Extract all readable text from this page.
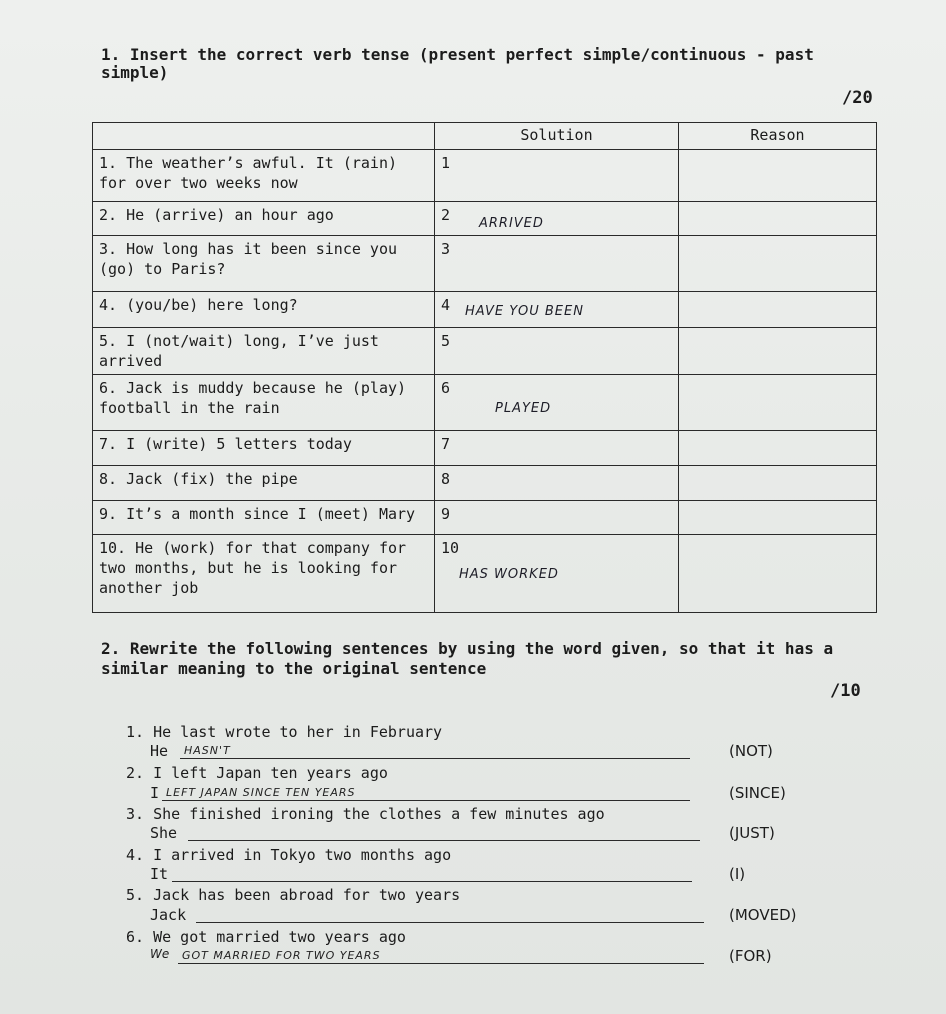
1. Insert the correct verb tense (present perfect simple/continuous - past
simple)
/20
	Solution	Reason
1. The weather’s awful. It (rain) for over two weeks now	1

2. He (arrive) an hour ago	2 ARRIVED	

3. How long has it been since you (go) to Paris?	3

4. (you/be) here long?	4 HAVE YOU BEEN	

5. I (not/wait) long, I’ve just arrived	5

6. Jack is muddy because he (play) football in the rain	6
PLAYED	

7. I (write) 5 letters today	7

8. Jack (fix) the pipe	8

9. It’s a month since I (meet) Mary	9

10. He (work) for that company for two months, but he is looking for another job	10
HAS WORKED	

2. Rewrite the following sentences by using the word given, so that it has a
similar meaning to the original sentence
/10
1. He last wrote to her in February
He HASN'T	(NOT)
2. I left Japan ten years ago
I LEFT JAPAN SINCE TEN YEARS	(SINCE)
3. She finished ironing the clothes a few minutes ago
She	(JUST)
4. I arrived in Tokyo two months ago
It	(I)
5. Jack has been abroad for two years
Jack	(MOVED)
6. We got married two years ago
We GOT MARRIED FOR TWO YEARS	(FOR)
